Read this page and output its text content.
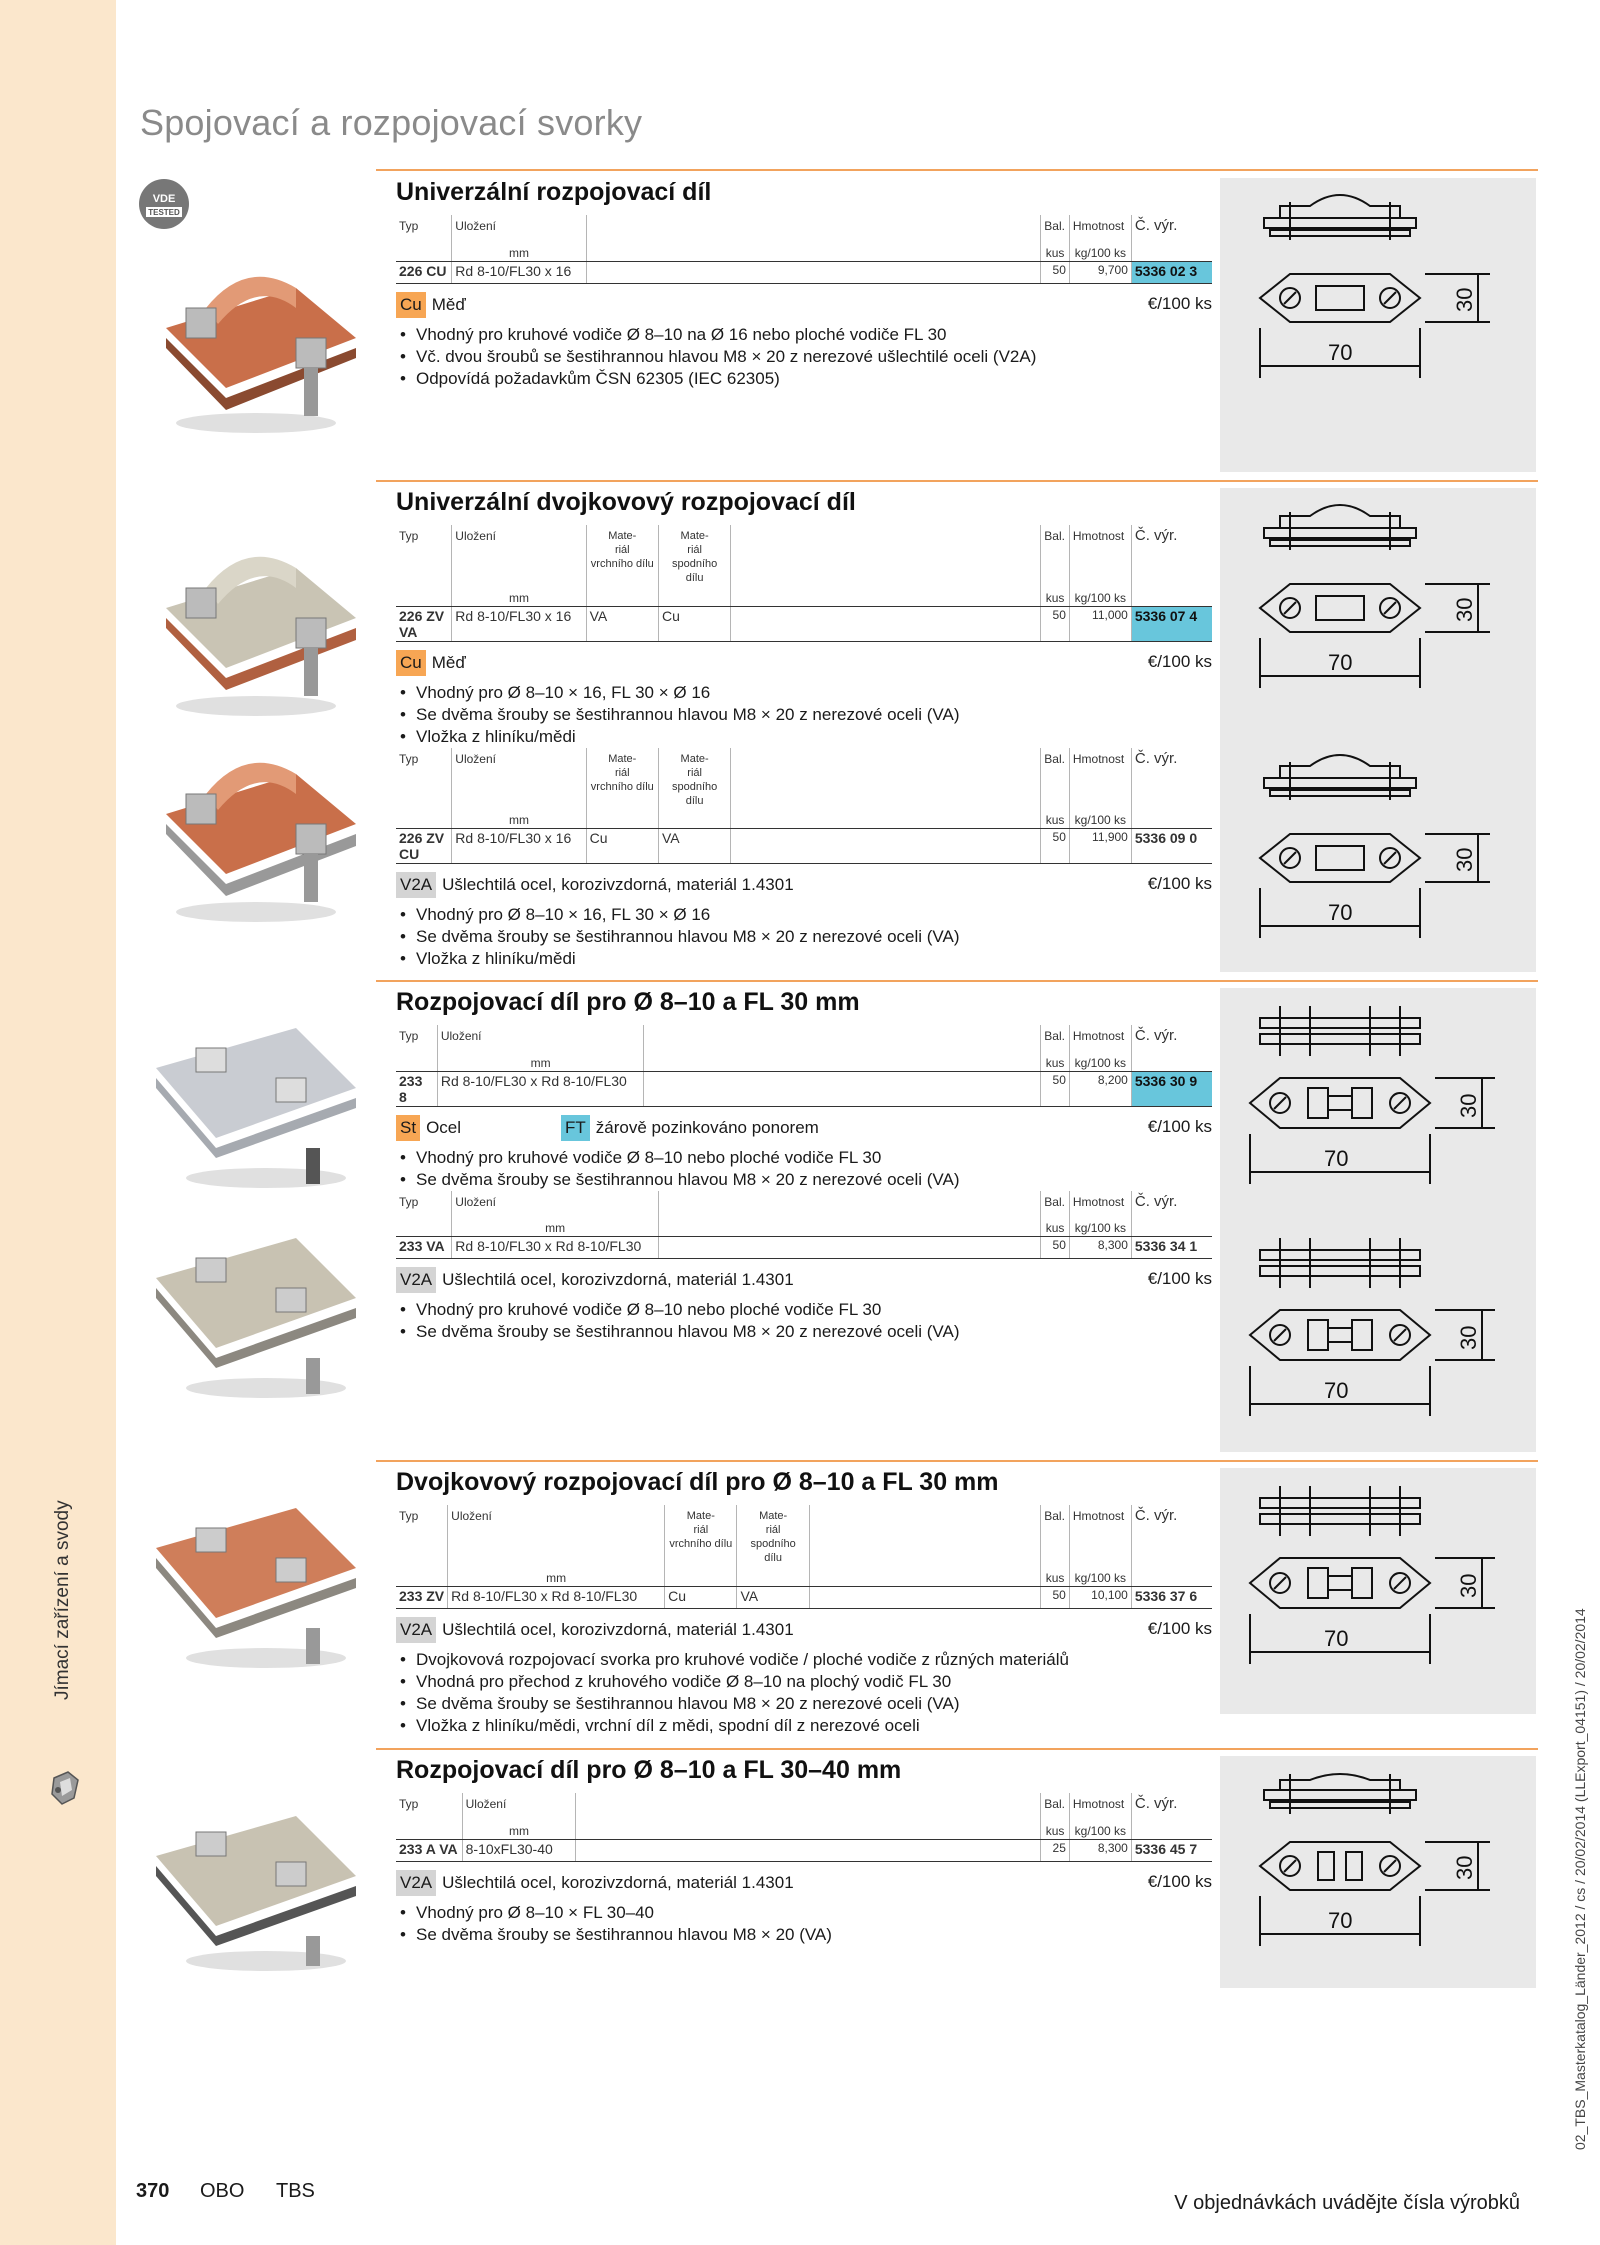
Jímací zařízení a svody
02_TBS_Masterkatalog_Länder_2012 / cs / 20/02/2014 (LLExport_04151) / 20/02/2014
Spojovací a rozpojovací svorky
VDE
TESTED
Univerzální rozpojovací díl
Typ	Uložení		Bal.	Hmotnost	Č. výr.
	mm		kus	kg/100 ks	
226 CU	Rd 8-10/FL30 x 16		50	9,700	5336 02 3
Cu Měď	€/100 ks
• Vhodný pro kruhové vodiče Ø 8–10 na Ø 16 nebo ploché vodiče FL 30
• Vč. dvou šroubů se šestihrannou hlavou M8 × 20 z nerezové ušlechtilé oceli (V2A)
• Odpovídá požadavkům ČSN 62305 (IEC 62305)
70
30
Univerzální dvojkovový rozpojovací díl
Typ	Uložení	Mate-
riál
vrchního dílu	Mate-
riál
spodního dílu		Bal.	Hmotnost	Č. výr.
	mm				kus	kg/100 ks	
226 ZV VA	Rd 8-10/FL30 x 16	VA	Cu		50	11,000	5336 07 4
Cu Měď	€/100 ks
• Vhodný pro Ø 8–10 × 16, FL 30 × Ø 16
• Se dvěma šrouby se šestihrannou hlavou M8 × 20 z nerezové oceli (VA)
• Vložka z hliníku/mědi
Typ	Uložení	Mate-
riál
vrchního dílu	Mate-
riál
spodního dílu		Bal.	Hmotnost	Č. výr.
	mm				kus	kg/100 ks	
226 ZV CU	Rd 8-10/FL30 x 16	Cu	VA		50	11,900	5336 09 0
V2A Ušlechtilá ocel, korozivzdorná, materiál 1.4301	€/100 ks
• Vhodný pro Ø 8–10 × 16, FL 30 × Ø 16
• Se dvěma šrouby se šestihrannou hlavou M8 × 20 z nerezové oceli (VA)
• Vložka z hliníku/mědi
70
30
70
30
Rozpojovací díl pro Ø 8–10 a FL 30 mm
Typ	Uložení		Bal.	Hmotnost	Č. výr.
	mm		kus	kg/100 ks	
233 8	Rd 8-10/FL30 x Rd 8-10/FL30		50	8,200	5336 30 9
St Ocel	FT žárově pozinkováno ponorem	€/100 ks
• Vhodný pro kruhové vodiče Ø 8–10 nebo ploché vodiče FL 30
• Se dvěma šrouby se šestihrannou hlavou M8 × 20 z nerezové oceli (VA)
Typ	Uložení		Bal.	Hmotnost	Č. výr.
	mm		kus	kg/100 ks	
233 VA	Rd 8-10/FL30 x Rd 8-10/FL30		50	8,300	5336 34 1
V2A Ušlechtilá ocel, korozivzdorná, materiál 1.4301	€/100 ks
• Vhodný pro kruhové vodiče Ø 8–10 nebo ploché vodiče FL 30
• Se dvěma šrouby se šestihrannou hlavou M8 × 20 z nerezové oceli (VA)
70
30
70
30
Dvojkovový rozpojovací díl pro Ø 8–10 a FL 30 mm
Typ	Uložení	Mate-
riál
vrchního dílu	Mate-
riál
spodního dílu		Bal.	Hmotnost	Č. výr.
	mm				kus	kg/100 ks	
233 ZV	Rd 8-10/FL30 x Rd 8-10/FL30	Cu	VA		50	10,100	5336 37 6
V2A Ušlechtilá ocel, korozivzdorná, materiál 1.4301	€/100 ks
• Dvojkovová rozpojovací svorka pro kruhové vodiče / ploché vodiče z různých materiálů
• Vhodná pro přechod z kruhového vodiče Ø 8–10 na plochý vodič FL 30
• Se dvěma šrouby se šestihrannou hlavou M8 × 20 z nerezové oceli (VA)
• Vložka z hliníku/mědi, vrchní díl z mědi, spodní díl z nerezové oceli
70
30
Rozpojovací díl pro Ø 8–10 a FL 30–40 mm
Typ	Uložení		Bal.	Hmotnost	Č. výr.
	mm		kus	kg/100 ks	
233 A VA	8-10xFL30-40		25	8,300	5336 45 7
V2A Ušlechtilá ocel, korozivzdorná, materiál 1.4301	€/100 ks
• Vhodný pro Ø 8–10 × FL 30–40
• Se dvěma šrouby se šestihrannou hlavou M8 × 20 (VA)
70
30
370 OBO TBS
V objednávkách uvádějte čísla výrobků
